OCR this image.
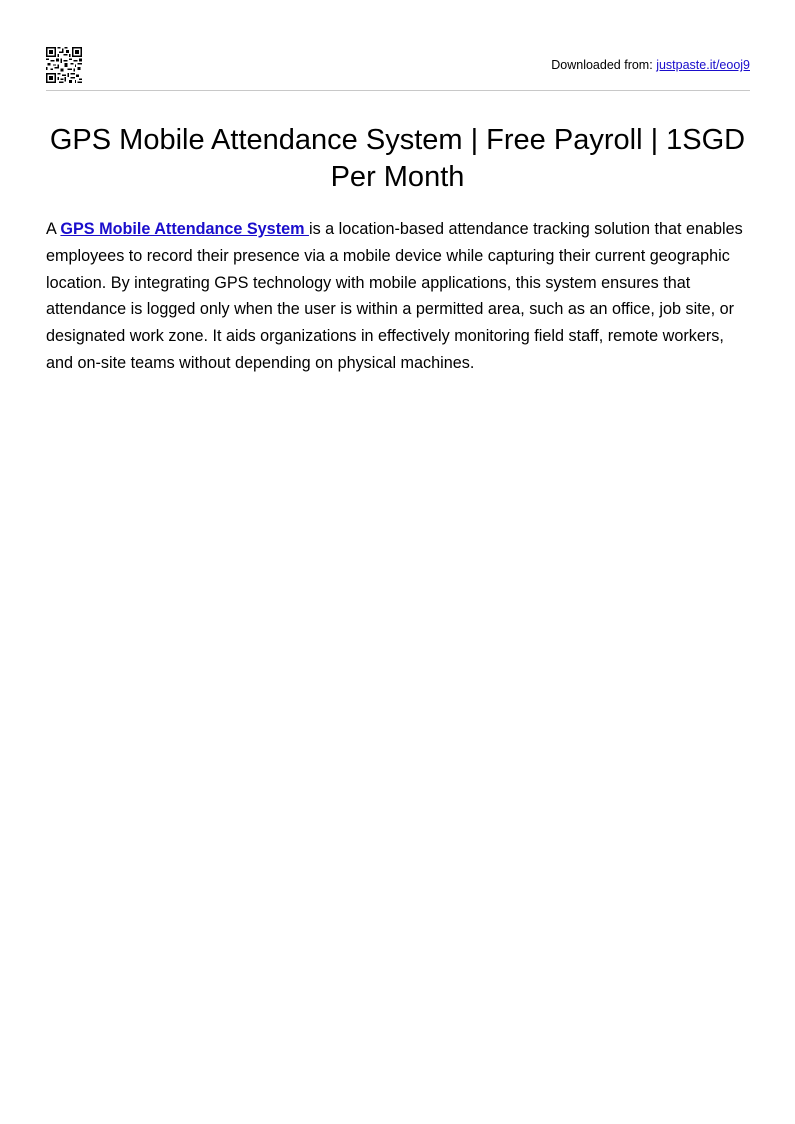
Downloaded from: justpaste.it/eooj9
GPS Mobile Attendance System | Free Payroll | 1SGD Per Month

A GPS Mobile Attendance System is a location-based attendance tracking solution that enables employees to record their presence via a mobile device while capturing their current geographic location. By integrating GPS technology with mobile applications, this system ensures that attendance is logged only when the user is within a permitted area, such as an office, job site, or designated work zone. It aids organizations in effectively monitoring field staff, remote workers, and on-site teams without depending on physical machines.
